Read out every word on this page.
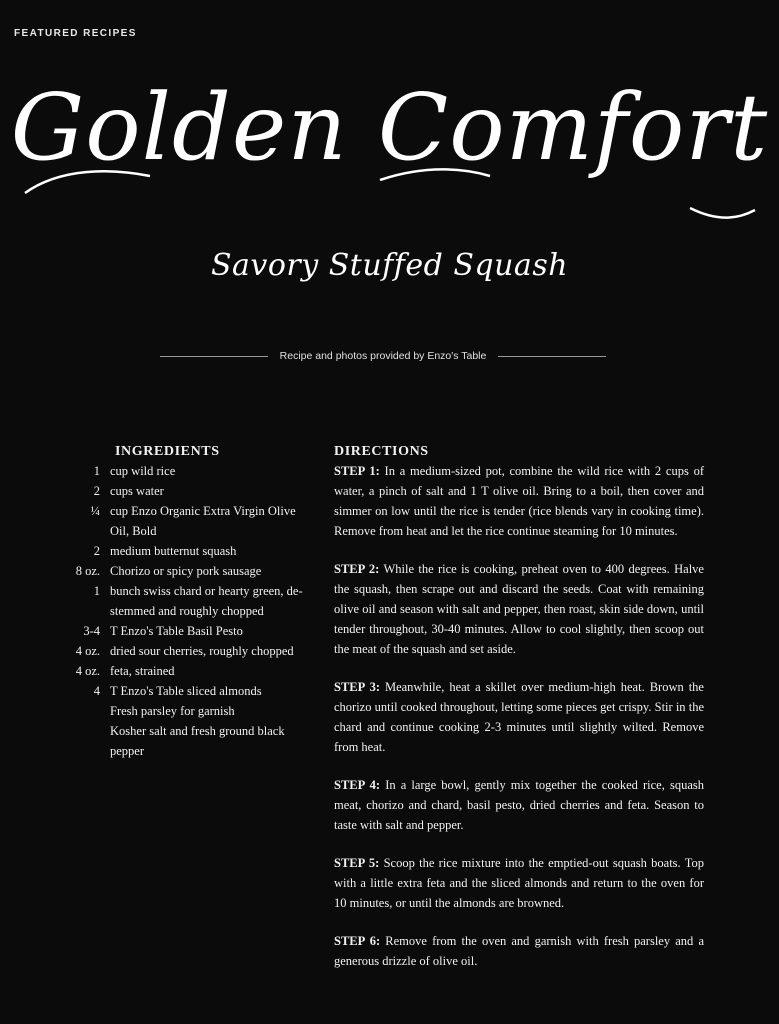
FEATURED RECIPES
Golden Comfort
Savory Stuffed Squash
Recipe and photos provided by Enzo's Table
INGREDIENTS
1 cup wild rice
2 cups water
¼ cup Enzo Organic Extra Virgin Olive Oil, Bold
2 medium butternut squash
8 oz. Chorizo or spicy pork sausage
1 bunch swiss chard or hearty green, de-stemmed and roughly chopped
3-4 T Enzo's Table Basil Pesto
4 oz. dried sour cherries, roughly chopped
4 oz. feta, strained
4 T Enzo's Table sliced almonds
Fresh parsley for garnish
Kosher salt and fresh ground black pepper
DIRECTIONS

STEP 1: In a medium-sized pot, combine the wild rice with 2 cups of water, a pinch of salt and 1 T olive oil. Bring to a boil, then cover and simmer on low until the rice is tender (rice blends vary in cooking time). Remove from heat and let the rice continue steaming for 10 minutes.

STEP 2: While the rice is cooking, preheat oven to 400 degrees. Halve the squash, then scrape out and discard the seeds. Coat with remaining olive oil and season with salt and pepper, then roast, skin side down, until tender throughout, 30-40 minutes. Allow to cool slightly, then scoop out the meat of the squash and set aside.

STEP 3: Meanwhile, heat a skillet over medium-high heat. Brown the chorizo until cooked throughout, letting some pieces get crispy. Stir in the chard and continue cooking 2-3 minutes until slightly wilted. Remove from heat.

STEP 4: In a large bowl, gently mix together the cooked rice, squash meat, chorizo and chard, basil pesto, dried cherries and feta. Season to taste with salt and pepper.

STEP 5: Scoop the rice mixture into the emptied-out squash boats. Top with a little extra feta and the sliced almonds and return to the oven for 10 minutes, or until the almonds are browned.

STEP 6: Remove from the oven and garnish with fresh parsley and a generous drizzle of olive oil.
